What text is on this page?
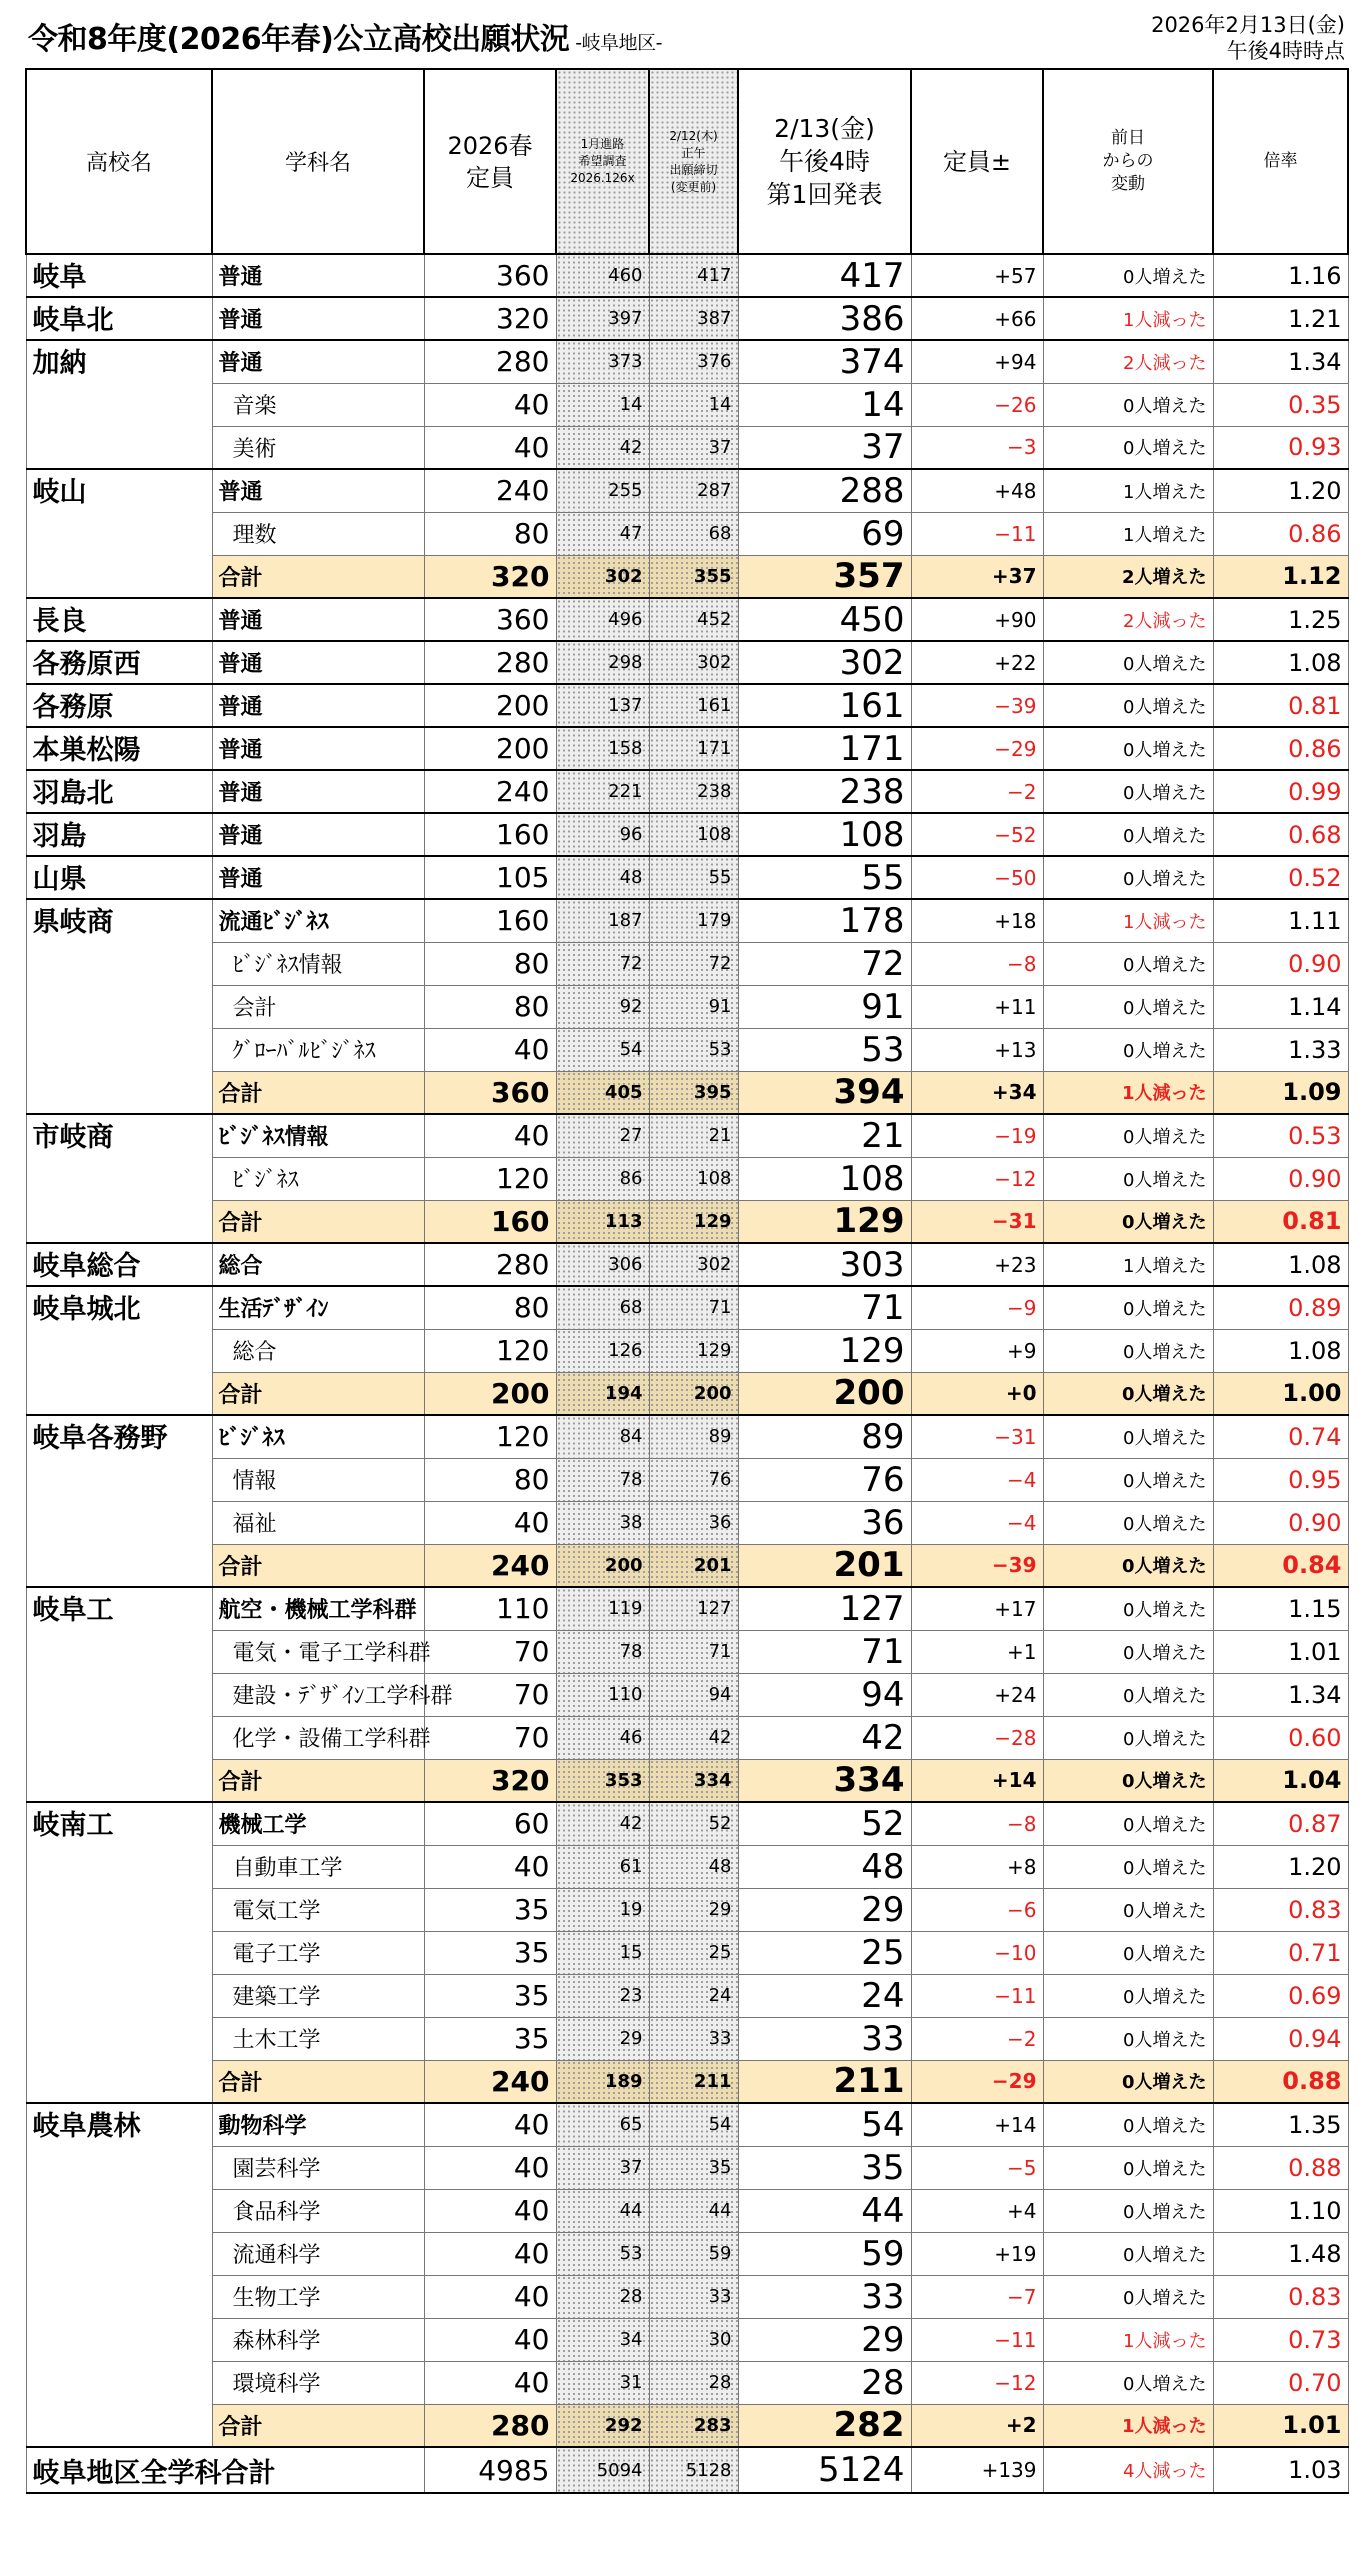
令和8年度(2026年春)公立高校出願状況 -岐阜地区-
2026年2月13日(金)
午後4時時点
高校名	学科名	2026春
定員	1月進路
希望調査
2026.126x	2/12(木)
正午
出願締切
(変更前)	2/13(金)
午後4時
第1回発表	定員±	前日
からの
変動	倍率
岐阜	普通	360	460	417	417	+57	0人増えた	1.16
岐阜北	普通	320	397	387	386	+66	1人減った	1.21
加納	普通	280	373	376	374	+94	2人減った	1.34
	音楽	40	14	14	14	−26	0人増えた	0.35
	美術	40	42	37	37	−3	0人増えた	0.93
岐山	普通	240	255	287	288	+48	1人増えた	1.20
	理数	80	47	68	69	−11	1人増えた	0.86
	合計	320	302	355	357	+37	2人増えた	1.12
長良	普通	360	496	452	450	+90	2人減った	1.25
各務原西	普通	280	298	302	302	+22	0人増えた	1.08
各務原	普通	200	137	161	161	−39	0人増えた	0.81
本巣松陽	普通	200	158	171	171	−29	0人増えた	0.86
羽島北	普通	240	221	238	238	−2	0人増えた	0.99
羽島	普通	160	96	108	108	−52	0人増えた	0.68
山県	普通	105	48	55	55	−50	0人増えた	0.52
県岐商	流通ﾋﾞｼﾞﾈｽ	160	187	179	178	+18	1人減った	1.11
	ﾋﾞｼﾞﾈｽ情報	80	72	72	72	−8	0人増えた	0.90
	会計	80	92	91	91	+11	0人増えた	1.14
	ｸﾞﾛｰﾊﾞﾙﾋﾞｼﾞﾈｽ	40	54	53	53	+13	0人増えた	1.33
	合計	360	405	395	394	+34	1人減った	1.09
市岐商	ﾋﾞｼﾞﾈｽ情報	40	27	21	21	−19	0人増えた	0.53
	ﾋﾞｼﾞﾈｽ	120	86	108	108	−12	0人増えた	0.90
	合計	160	113	129	129	−31	0人増えた	0.81
岐阜総合	総合	280	306	302	303	+23	1人増えた	1.08
岐阜城北	生活ﾃﾞｻﾞｲﾝ	80	68	71	71	−9	0人増えた	0.89
	総合	120	126	129	129	+9	0人増えた	1.08
	合計	200	194	200	200	+0	0人増えた	1.00
岐阜各務野	ﾋﾞｼﾞﾈｽ	120	84	89	89	−31	0人増えた	0.74
	情報	80	78	76	76	−4	0人増えた	0.95
	福祉	40	38	36	36	−4	0人増えた	0.90
	合計	240	200	201	201	−39	0人増えた	0.84
岐阜工	航空・機械工学科群	110	119	127	127	+17	0人増えた	1.15
	電気・電子工学科群	70	78	71	71	+1	0人増えた	1.01
	建設・ﾃﾞｻﾞｲﾝ工学科群	70	110	94	94	+24	0人増えた	1.34
	化学・設備工学科群	70	46	42	42	−28	0人増えた	0.60
	合計	320	353	334	334	+14	0人増えた	1.04
岐南工	機械工学	60	42	52	52	−8	0人増えた	0.87
	自動車工学	40	61	48	48	+8	0人増えた	1.20
	電気工学	35	19	29	29	−6	0人増えた	0.83
	電子工学	35	15	25	25	−10	0人増えた	0.71
	建築工学	35	23	24	24	−11	0人増えた	0.69
	土木工学	35	29	33	33	−2	0人増えた	0.94
	合計	240	189	211	211	−29	0人増えた	0.88
岐阜農林	動物科学	40	65	54	54	+14	0人増えた	1.35
	園芸科学	40	37	35	35	−5	0人増えた	0.88
	食品科学	40	44	44	44	+4	0人増えた	1.10
	流通科学	40	53	59	59	+19	0人増えた	1.48
	生物工学	40	28	33	33	−7	0人増えた	0.83
	森林科学	40	34	30	29	−11	1人減った	0.73
	環境科学	40	31	28	28	−12	0人増えた	0.70
	合計	280	292	283	282	+2	1人減った	1.01
岐阜地区全学科合計		4985	5094	5128	5124	+139	4人減った	1.03
